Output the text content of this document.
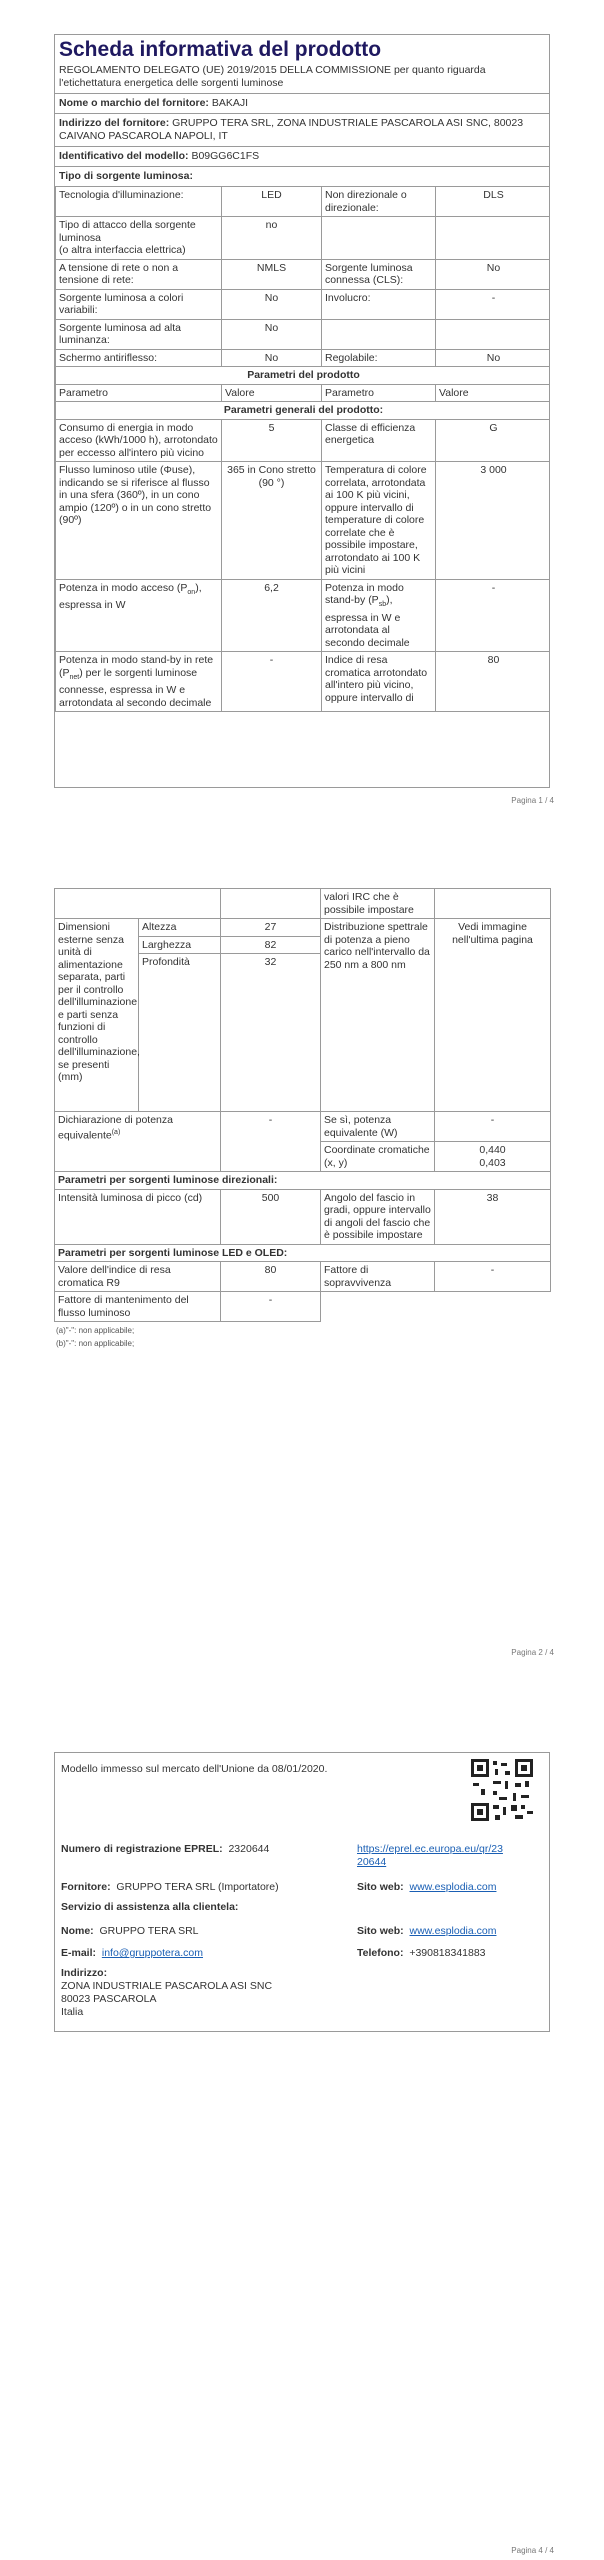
Scheda informativa del prodotto
REGOLAMENTO DELEGATO (UE) 2019/2015 DELLA COMMISSIONE per quanto riguarda l'etichettatura energetica delle sorgenti luminose
Nome o marchio del fornitore: BAKAJI
Indirizzo del fornitore: GRUPPO TERA SRL, ZONA INDUSTRIALE PASCAROLA ASI SNC, 80023 CAIVANO PASCAROLA NAPOLI, IT
Identificativo del modello: B09GG6C1FS
Tipo di sorgente luminosa:
Tecnologia d'illuminazione:	LED	Non direzionale o direzionale:	DLS
Tipo di attacco della sorgente luminosa
(o altra interfaccia elettrica)	no		
A tensione di rete o non a tensione di rete:	NMLS	Sorgente luminosa connessa (CLS):	No
Sorgente luminosa a colori variabili:	No	Involucro:	-
Sorgente luminosa ad alta luminanza:	No		
Schermo antiriflesso:	No	Regolabile:	No
Parametri del prodotto			
Parametro	Valore	Parametro	Valore
Parametri generali del prodotto:			
Consumo di energia in modo acceso (kWh/1000 h), arrotondato per eccesso all'intero più vicino	5	Classe di efficienza energetica	G
Flusso luminoso utile (Φuse), indicando se si riferisce al flusso in una sfera (360º), in un cono ampio (120º) o in un cono stretto (90º)	365 in Cono stretto (90 °)	Temperatura di colore correlata, arrotondata ai 100 K più vicini, oppure intervallo di temperature di colore correlate che è possibile impostare, arrotondato ai 100 K più vicini	3 000
Potenza in modo acceso $(P_{on})$, espressa in W	6,2	Potenza in modo stand-by $(P_{sb})$, espressa in W e arrotondata al secondo decimale	-
Potenza in modo stand-by in rete $(P_{net})$ per le sorgenti luminose connesse, espressa in W e arrotondata al secondo decimale	-	Indice di resa cromatica arrotondato all'intero più vicino, oppure intervallo di	80
Pagina 1 / 4
			valori IRC che è possibile impostare	
Dimensioni esterne senza unità di alimentazione separata, parti per il controllo dell'illuminazione e parti senza funzioni di controllo dell'illuminazione, se presenti (mm)	Altezza	27	Distribuzione spettrale di potenza a pieno carico nell'intervallo da 250 nm a 800 nm	Vedi immagine nell'ultima pagina
	Larghezza	82		
	Profondità	32		
Dichiarazione di potenza equivalente$^{(a)}$		-	Se sì, potenza equivalente (W)	-
			Coordinate cromatiche (x, y)	0,440
0,403

Parametri per sorgenti luminose direzionali:				
Intensità luminosa di picco (cd)		500	Angolo del fascio in gradi, oppure intervallo di angoli del fascio che è possibile impostare	38
Parametri per sorgenti luminose LED e OLED:				
Valore dell'indice di resa cromatica R9		80	Fattore di sopravvivenza	-
Fattore di mantenimento del flusso luminoso		-		
(a)"-": non applicabile;
(b)"-": non applicabile;
Pagina 2 / 4
Modello immesso sul mercato dell'Unione da 08/01/2020.
Numero di registrazione EPREL: 2320644	https://eprel.ec.europa.eu/qr/23
20644
Fornitore: GRUPPO TERA SRL (Importatore)	Sito web: www.esplodia.com
Servizio di assistenza alla clientela:
Nome: GRUPPO TERA SRL	Sito web: www.esplodia.com
E-mail: info@gruppotera.com	Telefono: +390818341883
Indirizzo:
ZONA INDUSTRIALE PASCAROLA ASI SNC
80023 PASCAROLA
Italia
Pagina 4 / 4
